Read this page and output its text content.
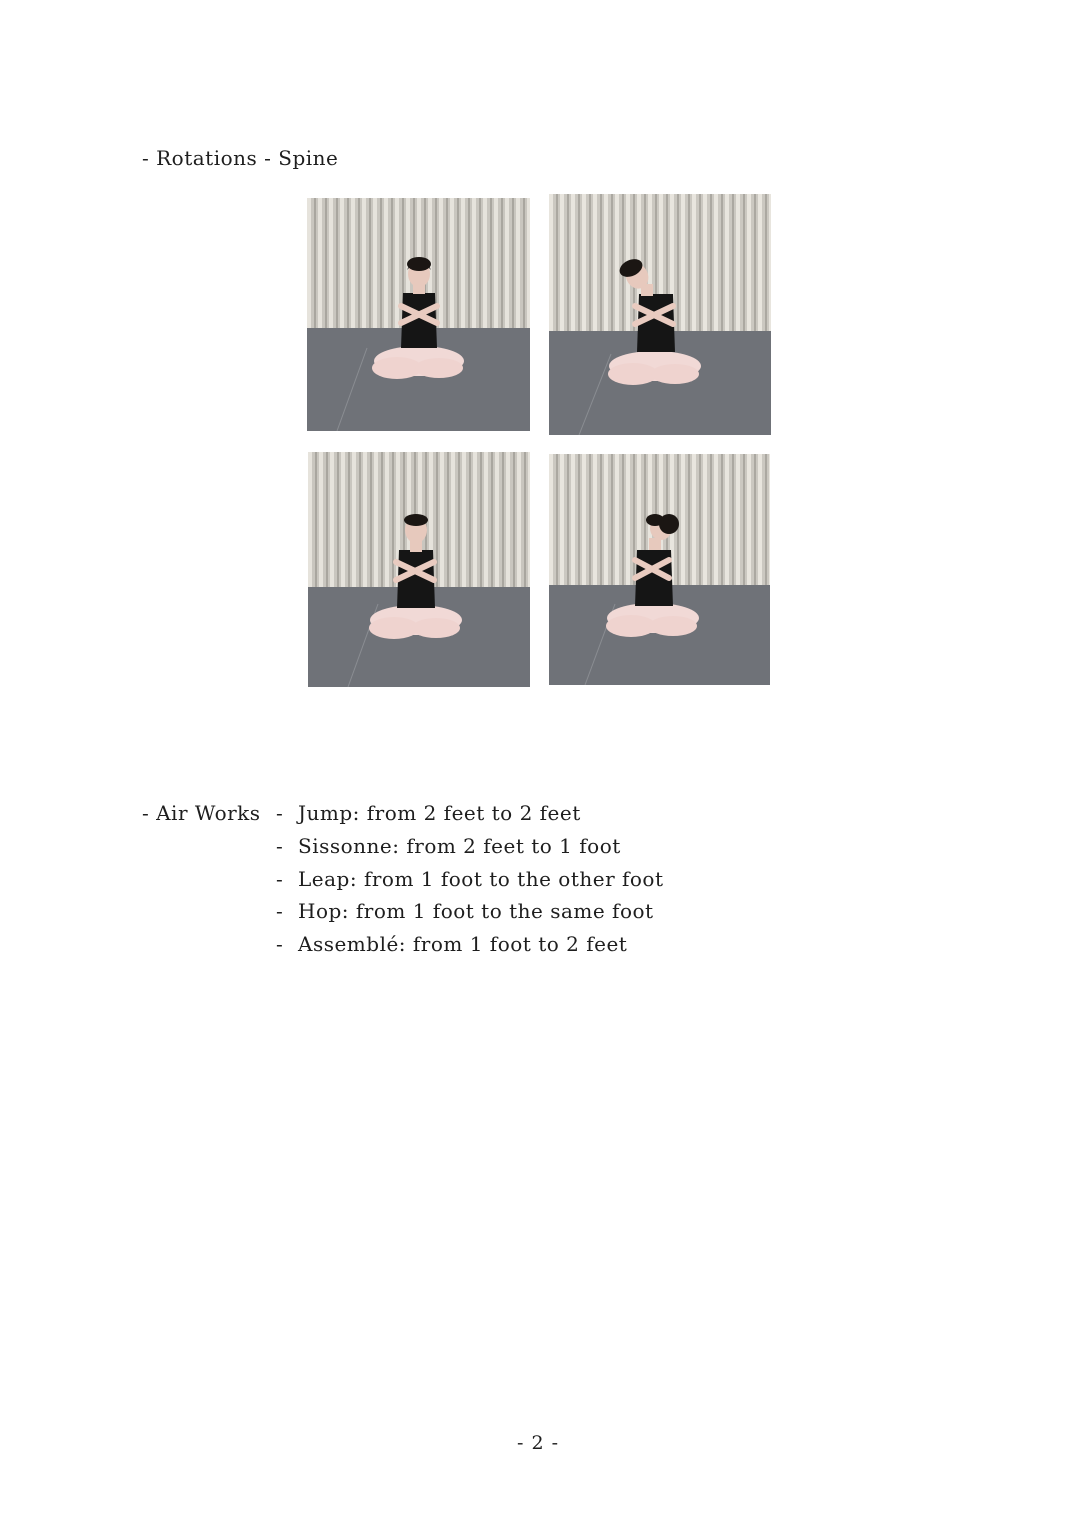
- Rotations - Spine
- Air Works - Jump: from 2 feet to 2 feet
- Sissonne: from 2 feet to 1 foot
- Leap: from 1 foot to the other foot
- Hop: from 1 foot to the same foot
- Assemblé: from 1 foot to 2 feet
- 2 -
